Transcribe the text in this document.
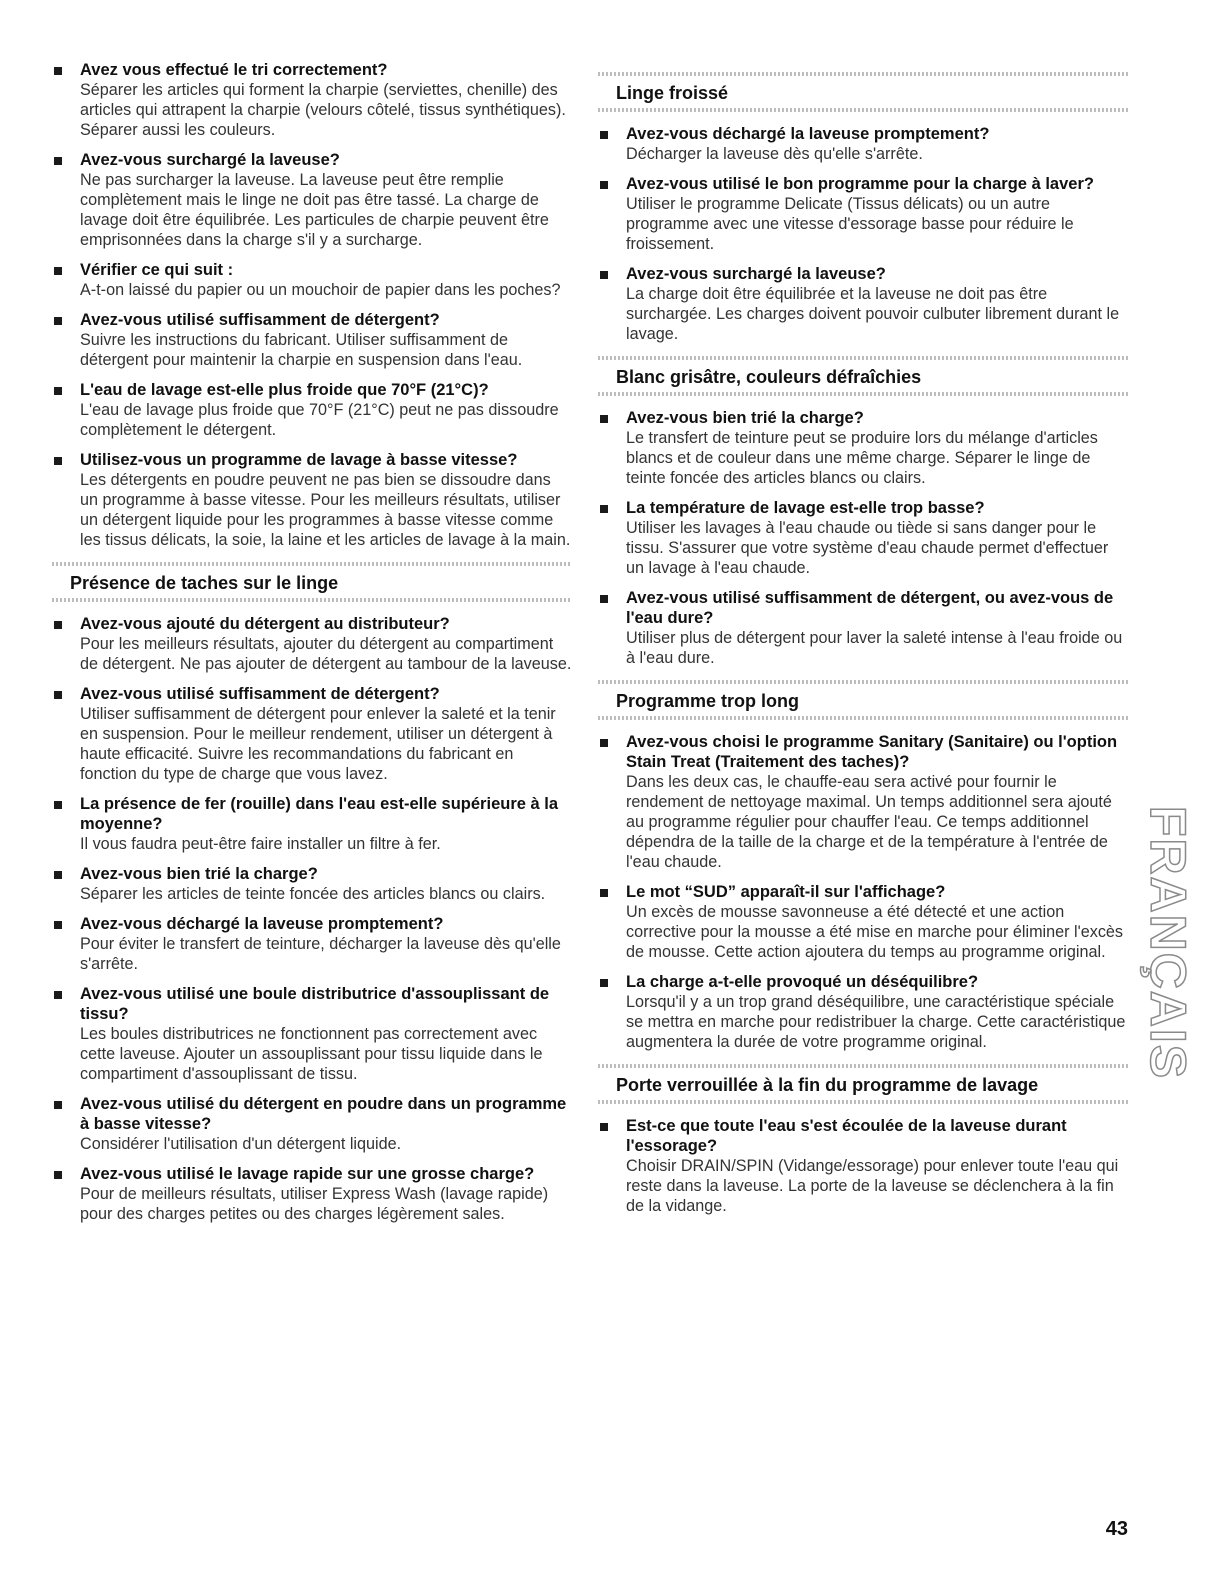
Avez vous effectué le tri correctement?
Séparer les articles qui forment la charpie (serviettes, chenille) des articles qui attrapent la charpie (velours côtelé, tissus synthétiques). Séparer aussi les couleurs.
Avez-vous surchargé la laveuse?
Ne pas surcharger la laveuse. La laveuse peut être remplie complètement mais le linge ne doit pas être tassé. La charge de lavage doit être équilibrée. Les particules de charpie peuvent être emprisonnées dans la charge s'il y a surcharge.
Vérifier ce qui suit :
A-t-on laissé du papier ou un mouchoir de papier dans les poches?
Avez-vous utilisé suffisamment de détergent?
Suivre les instructions du fabricant. Utiliser suffisamment de détergent pour maintenir la charpie en suspension dans l'eau.
L'eau de lavage est-elle plus froide que 70°F (21°C)?
L'eau de lavage plus froide que 70°F (21°C) peut ne pas dissoudre complètement le détergent.
Utilisez-vous un programme de lavage à basse vitesse?
Les détergents en poudre peuvent ne pas bien se dissoudre dans un programme à basse vitesse. Pour les meilleurs résultats, utiliser un détergent liquide pour les programmes à basse vitesse comme les tissus délicats, la soie, la laine et les articles de lavage à la main.
Présence de taches sur le linge
Avez-vous ajouté du détergent au distributeur?
Pour les meilleurs résultats, ajouter du détergent au compartiment de détergent. Ne pas ajouter de détergent au tambour de la laveuse.
Avez-vous utilisé suffisamment de détergent?
Utiliser suffisamment de détergent pour enlever la saleté et la tenir en suspension. Pour le meilleur rendement, utiliser un détergent à haute efficacité. Suivre les recommandations du fabricant en fonction du type de charge que vous lavez.
La présence de fer (rouille) dans l'eau est-elle supérieure à la moyenne?
Il vous faudra peut-être faire installer un filtre à fer.
Avez-vous bien trié la charge?
Séparer les articles de teinte foncée des articles blancs ou clairs.
Avez-vous déchargé la laveuse promptement?
Pour éviter le transfert de teinture, décharger la laveuse dès qu'elle s'arrête.
Avez-vous utilisé une boule distributrice d'assouplissant de tissu?
Les boules distributrices ne fonctionnent pas correctement avec cette laveuse. Ajouter un assouplissant pour tissu liquide dans le compartiment d'assouplissant de tissu.
Avez-vous utilisé du détergent en poudre dans un programme à basse vitesse?
Considérer l'utilisation d'un détergent liquide.
Avez-vous utilisé le lavage rapide sur une grosse charge?
Pour de meilleurs résultats, utiliser Express Wash (lavage rapide) pour des charges petites ou des charges légèrement sales.
Linge froissé
Avez-vous déchargé la laveuse promptement?
Décharger la laveuse dès qu'elle s'arrête.
Avez-vous utilisé le bon programme pour la charge à laver?
Utiliser le programme Delicate (Tissus délicats) ou un autre programme avec une vitesse d'essorage basse pour réduire le froissement.
Avez-vous surchargé la laveuse?
La charge doit être équilibrée et la laveuse ne doit pas être surchargée. Les charges doivent pouvoir culbuter librement durant le lavage.
Blanc grisâtre, couleurs défraîchies
Avez-vous bien trié la charge?
Le transfert de teinture peut se produire lors du mélange d'articles blancs et de couleur dans une même charge. Séparer le linge de teinte foncée des articles blancs ou clairs.
La température de lavage est-elle trop basse?
Utiliser les lavages à l'eau chaude ou tiède si sans danger pour le tissu. S'assurer que votre système d'eau chaude permet d'effectuer un lavage à l'eau chaude.
Avez-vous utilisé suffisamment de détergent, ou avez-vous de l'eau dure?
Utiliser plus de détergent pour laver la saleté intense à l'eau froide ou à l'eau dure.
Programme trop long
Avez-vous choisi le programme Sanitary (Sanitaire) ou l'option Stain Treat (Traitement des taches)?
Dans les deux cas, le chauffe-eau sera activé pour fournir le rendement de nettoyage maximal. Un temps additionnel sera ajouté au programme régulier pour chauffer l'eau. Ce temps additionnel dépendra de la taille de la charge et de la température à l'entrée de l'eau chaude.
Le mot “SUD” apparaît-il sur l'affichage?
Un excès de mousse savonneuse a été détecté et une action corrective pour la mousse a été mise en marche pour éliminer l'excès de mousse. Cette action ajoutera du temps au programme original.
La charge a-t-elle provoqué un déséquilibre?
Lorsqu'il y a un trop grand déséquilibre, une caractéristique spéciale se mettra en marche pour redistribuer la charge. Cette caractéristique augmentera la durée de votre programme original.
Porte verrouillée à la fin du programme de lavage
Est-ce que toute l'eau s'est écoulée de la laveuse durant l'essorage?
Choisir DRAIN/SPIN (Vidange/essorage) pour enlever toute l'eau qui reste dans la laveuse. La porte de la laveuse se déclenchera à la fin de la vidange.
FRANÇAIS
43
